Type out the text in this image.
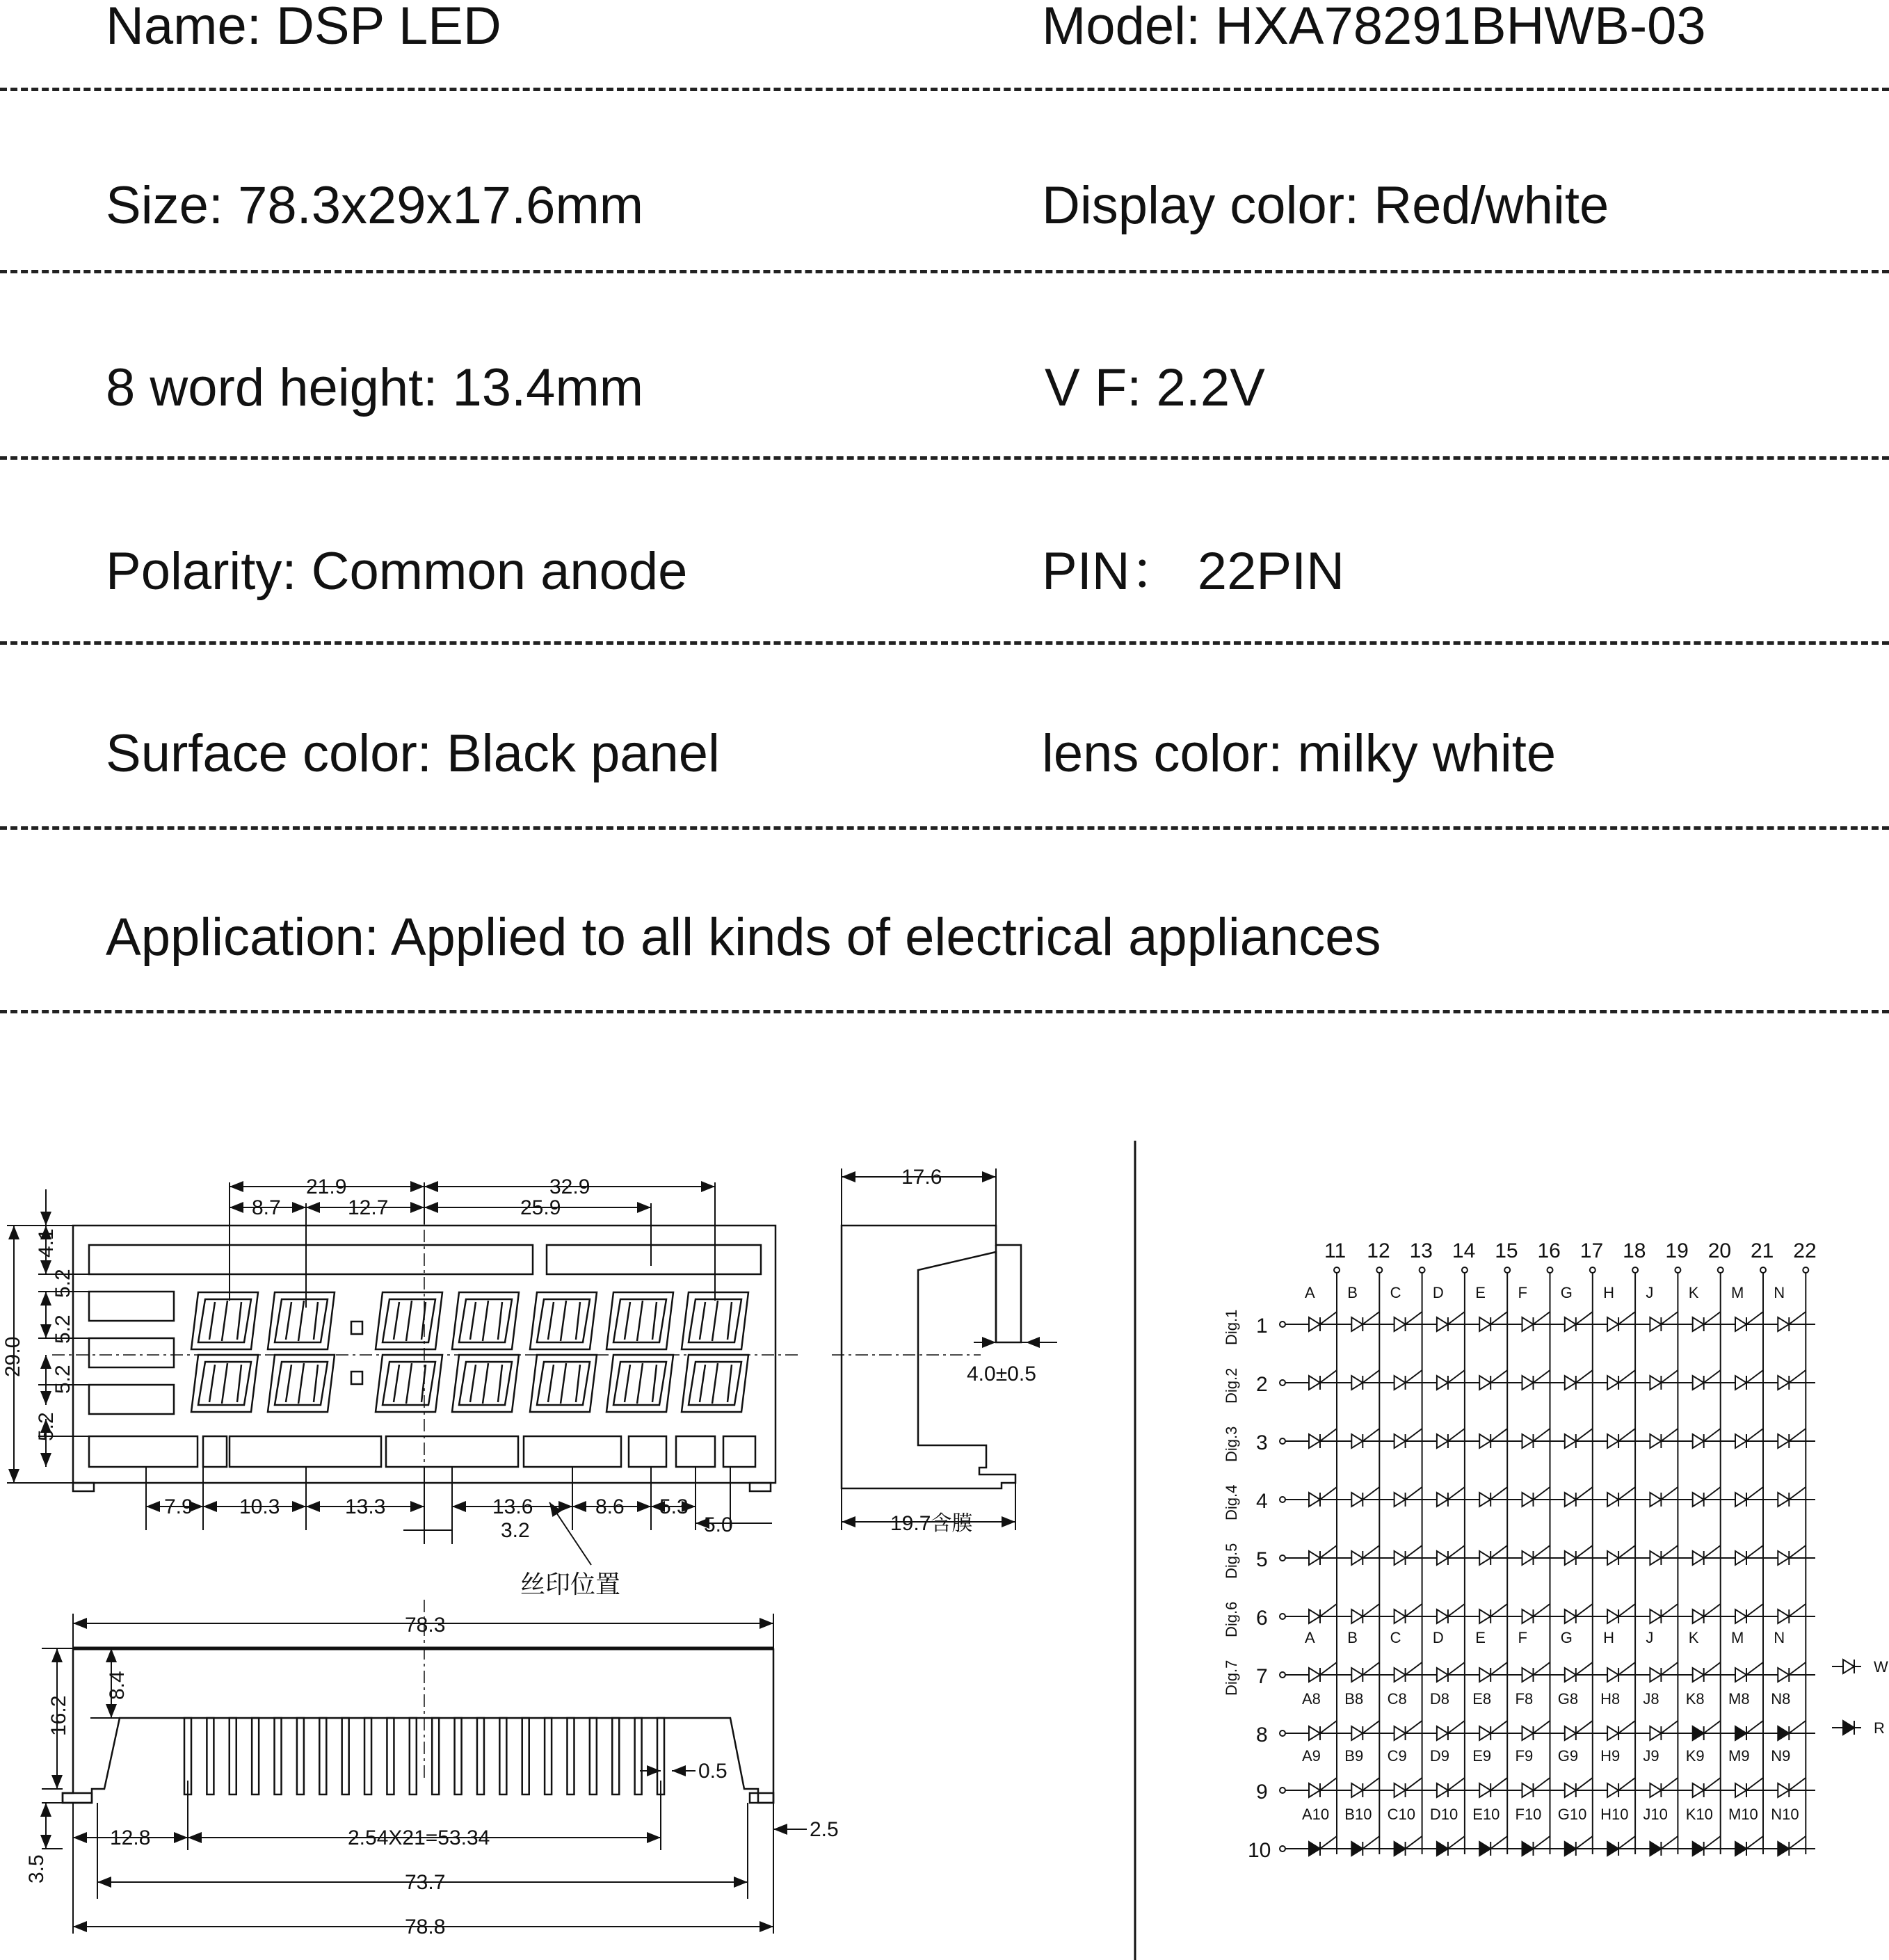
Name: DSP LED	Model: HXA78291BHWB-03
Size: 78.3x29x17.6mm	Display color: Red/white
8 word height: 13.4mm	V F: 2.2V
Polarity: Common anode	PIN： 22PIN
Surface color: Black panel	lens color: milky white
Application: Applied to all kinds of electrical appliances
21.9	32.9
8.7	12.7	25.9
4.1
5.2
5.2
5.2
5.2
29.0
7.9 10.3	13.3	13.6	8.6 5.3
3.2	5.0
丝印位置
17.6
4.0±0.5
19.7含膜
78.3
8.4
16.2
0.5
12.8	2.54X21=53.34	2.5
3.5	73.7
78.8
11 12 13 14 15 16 17 18 19 20 21 22
1
2
3
4
5
6
7
8
9
10
A
A
B
B
C
C
D
D
E
E
F
F
G
G
H
H
J
J
K
K
M
M
N
N
A8 B8 C8 D8 E8 F8 G8 H8 J8 K8 M8 N8
A9 B9 C9 D9 E9 F9 G9 H9 J9 K9 M9 N9
A10 B10 C10 D10 E10 F10 G10 H10 J10 K10 M10 N10
Dig.1
Dig.2
Dig.3
Dig.4
Dig.5
Dig.6
Dig.7	W
R
